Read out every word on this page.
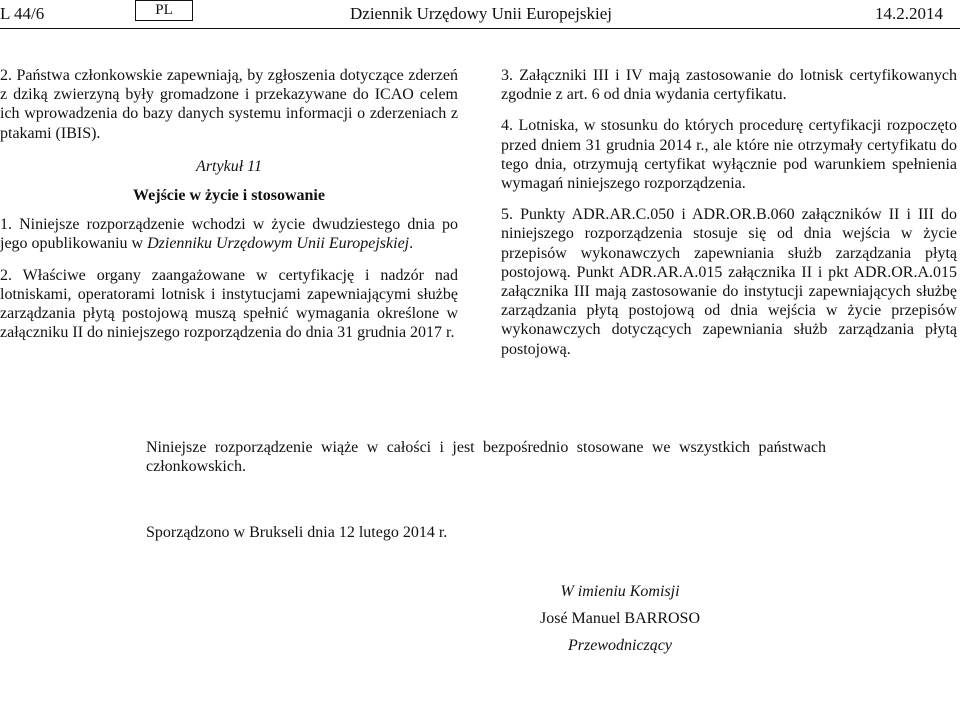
L 44/6	PL	Dziennik Urzędowy Unii Europejskiej	14.2.2014

2. Państwa członkowskie zapewniają, by zgłoszenia dotyczące zderzeń z dziką zwierzyną były gromadzone i przekazywane do ICAO celem ich wprowadzenia do bazy danych systemu informacji o zderzeniach z ptakami (IBIS).

Artykuł 11

Wejście w życie i stosowanie

1. Niniejsze rozporządzenie wchodzi w życie dwudziestego dnia po jego opublikowaniu w Dzienniku Urzędowym Unii Europejskiej.

2. Właściwe organy zaangażowane w certyfikację i nadzór nad lotniskami, operatorami lotnisk i instytucjami zapewniającymi służbę zarządzania płytą postojową muszą spełnić wymagania określone w załączniku II do niniejszego rozporządzenia do dnia 31 grudnia 2017 r.

3. Załączniki III i IV mają zastosowanie do lotnisk certyfikowanych zgodnie z art. 6 od dnia wydania certyfikatu.

4. Lotniska, w stosunku do których procedurę certyfikacji rozpoczęto przed dniem 31 grudnia 2014 r., ale które nie otrzymały certyfikatu do tego dnia, otrzymują certyfikat wyłącznie pod warunkiem spełnienia wymagań niniejszego rozporządzenia.

5. Punkty ADR.AR.C.050 i ADR.OR.B.060 załączników II i III do niniejszego rozporządzenia stosuje się od dnia wejścia w życie przepisów wykonawczych zapewniania służb zarządzania płytą postojową. Punkt ADR.AR.A.015 załącznika II i pkt ADR.OR.A.015 załącznika III mają zastosowanie do instytucji zapewniających służbę zarządzania płytą postojową od dnia wejścia w życie przepisów wykonawczych dotyczących zapewniania służb zarządzania płytą postojową.

Niniejsze rozporządzenie wiąże w całości i jest bezpośrednio stosowane we wszystkich państwach członkowskich.
Sporządzono w Brukseli dnia 12 lutego 2014 r.
W imieniu Komisji
José Manuel BARROSO
Przewodniczący
